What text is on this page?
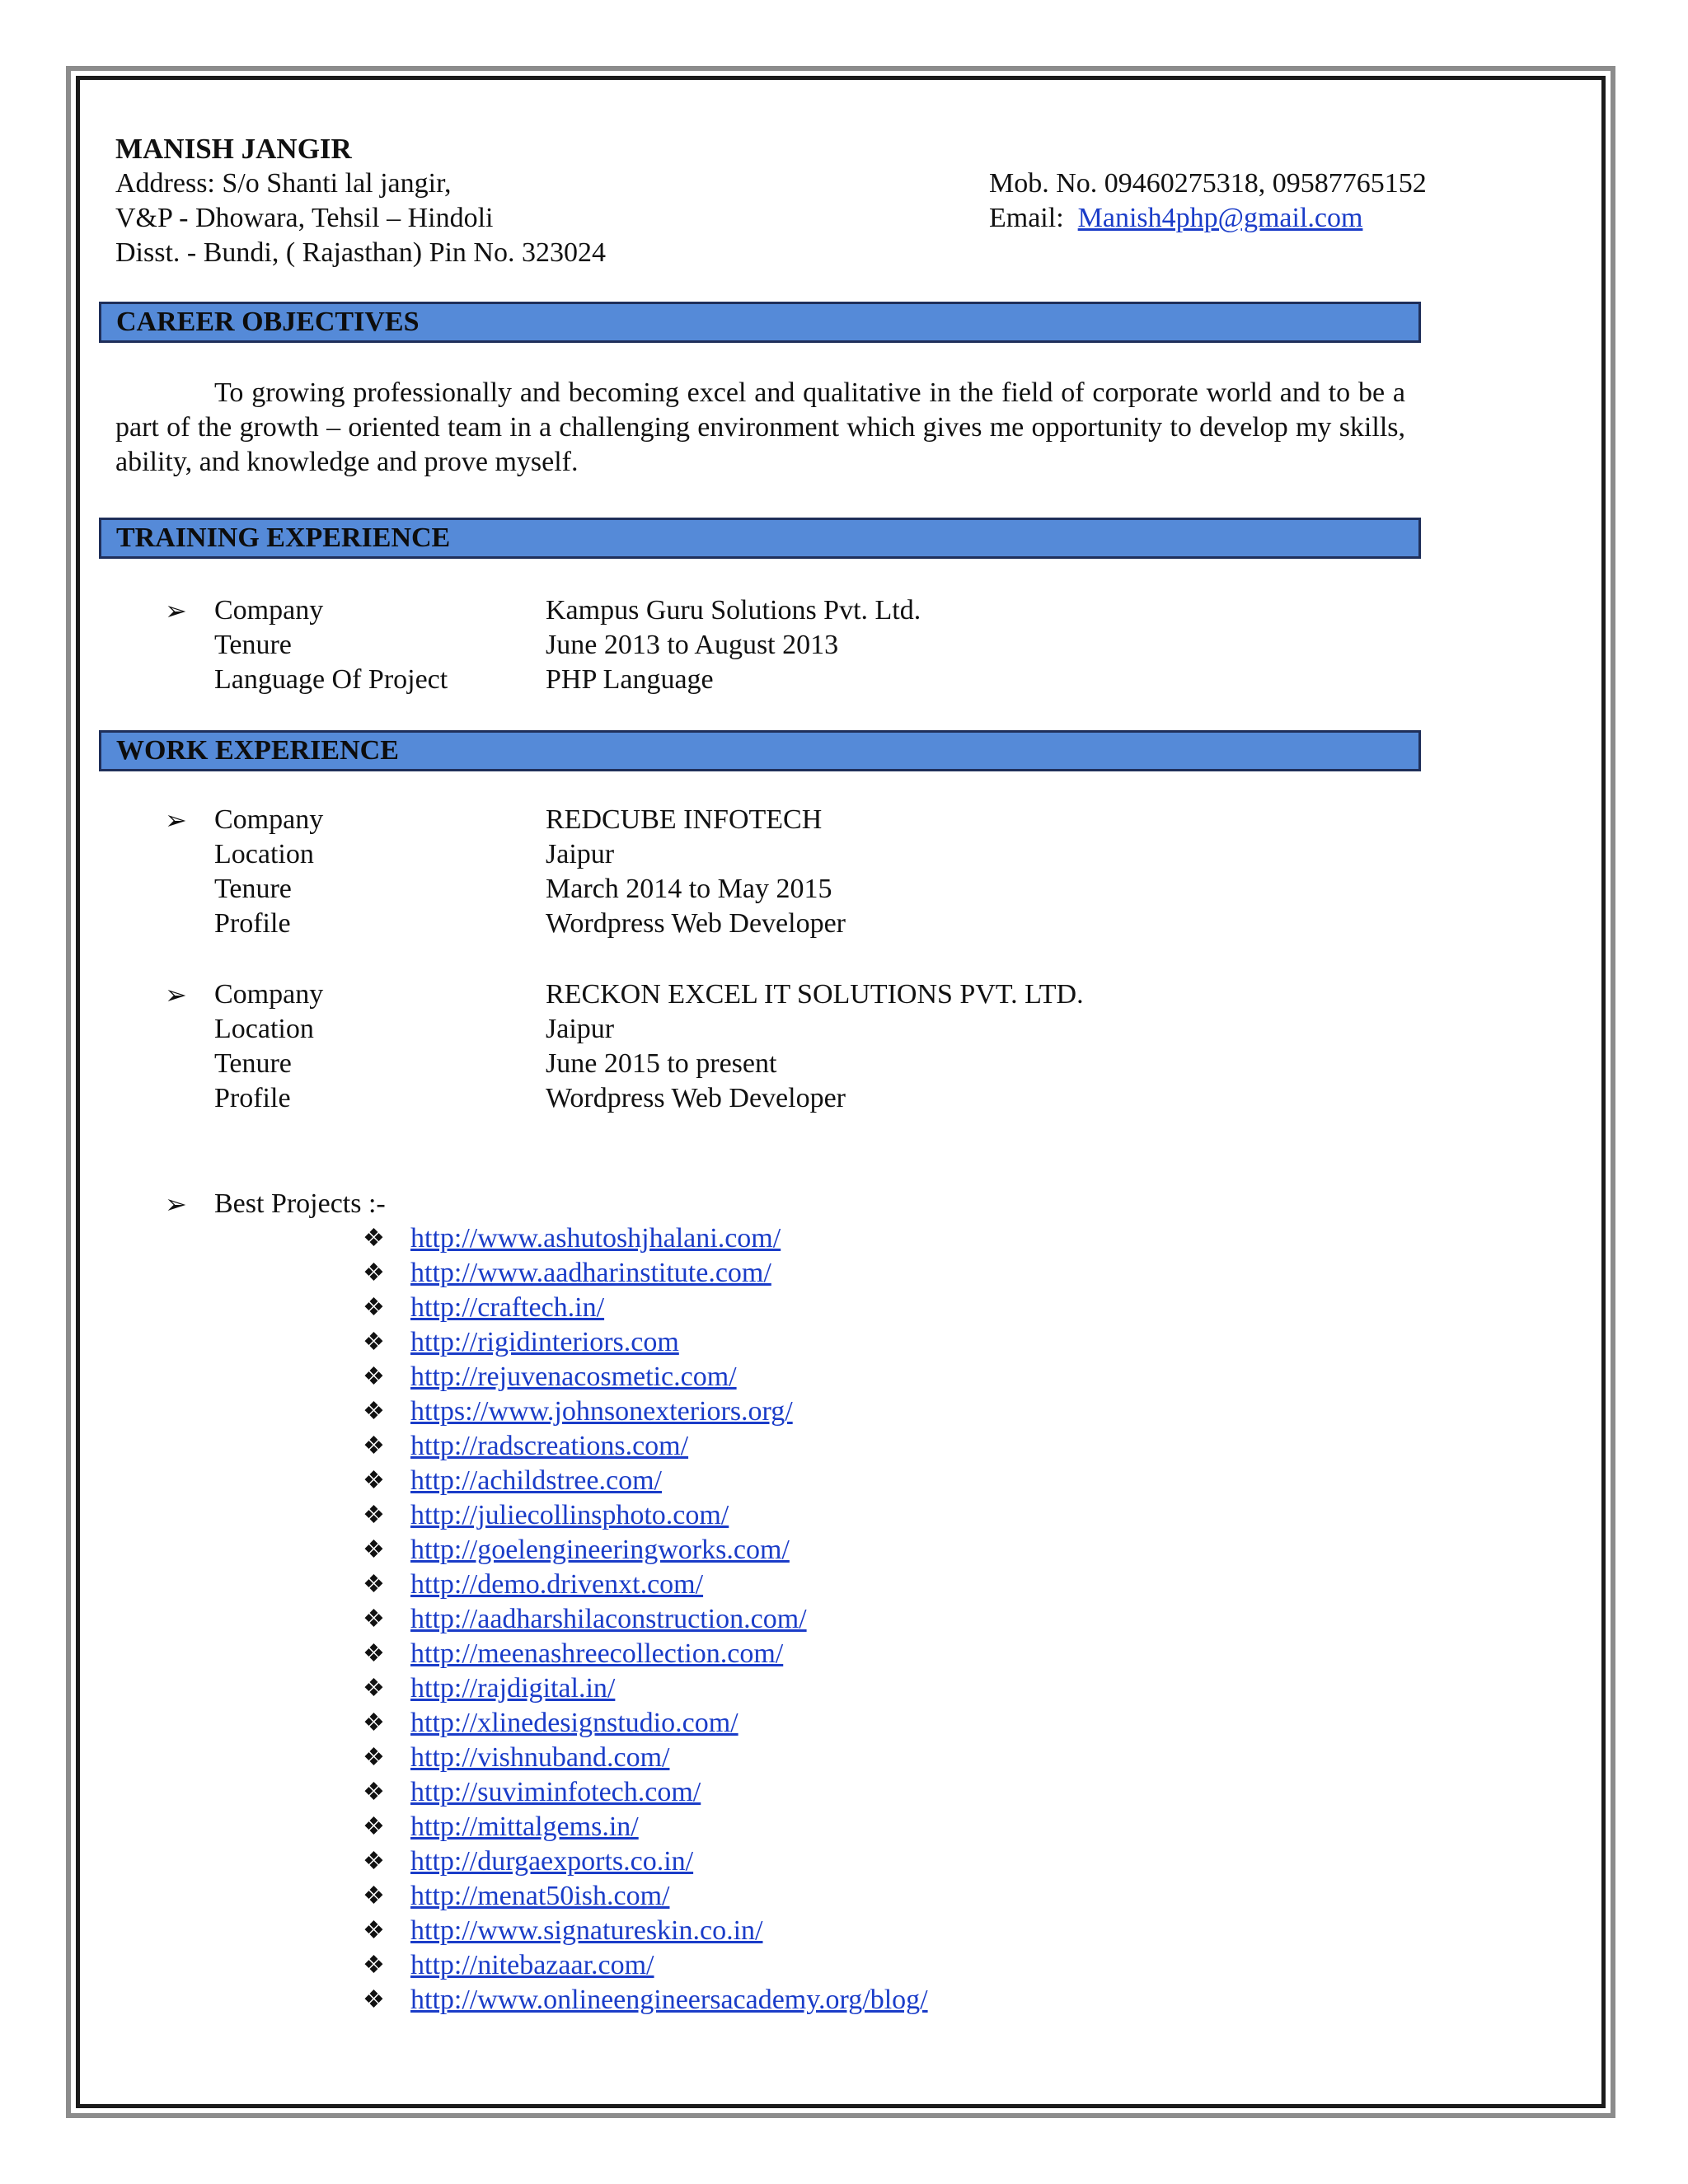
MANISH JANGIR
Address: S/o Shanti lal jangir,
V&P - Dhowara, Tehsil – Hindoli
Disst. - Bundi, ( Rajasthan) Pin No. 323024
Mob. No. 09460275318, 09587765152
Email: Manish4php@gmail.com
CAREER OBJECTIVES
To growing professionally and becoming excel and qualitative in the field of corporate world and to be a part of the growth – oriented team in a challenging environment which gives me opportunity to develop my skills, ability, and knowledge and prove myself.
TRAINING EXPERIENCE
➢ Company	Kampus Guru Solutions Pvt. Ltd.
Tenure	June 2013 to August 2013
Language Of Project	PHP Language
WORK EXPERIENCE
➢ Company	REDCUBE INFOTECH
Location	Jaipur
Tenure	March 2014 to May 2015
Profile	Wordpress Web Developer
➢ Company	RECKON EXCEL IT SOLUTIONS PVT. LTD.
Location	Jaipur
Tenure	June 2015 to present
Profile	Wordpress Web Developer
➢ Best Projects :-
❖ http://www.ashutoshjhalani.com/
❖ http://www.aadharinstitute.com/
❖ http://craftech.in/
❖ http://rigidinteriors.com
❖ http://rejuvenacosmetic.com/
❖ https://www.johnsonexteriors.org/
❖ http://radscreations.com/
❖ http://achildstree.com/
❖ http://juliecollinsphoto.com/
❖ http://goelengineeringworks.com/
❖ http://demo.drivenxt.com/
❖ http://aadharshilaconstruction.com/
❖ http://meenashreecollection.com/
❖ http://rajdigital.in/
❖ http://xlinedesignstudio.com/
❖ http://vishnuband.com/
❖ http://suviminfotech.com/
❖ http://mittalgems.in/
❖ http://durgaexports.co.in/
❖ http://menat50ish.com/
❖ http://www.signatureskin.co.in/
❖ http://nitebazaar.com/
❖ http://www.onlineengineersacademy.org/blog/
